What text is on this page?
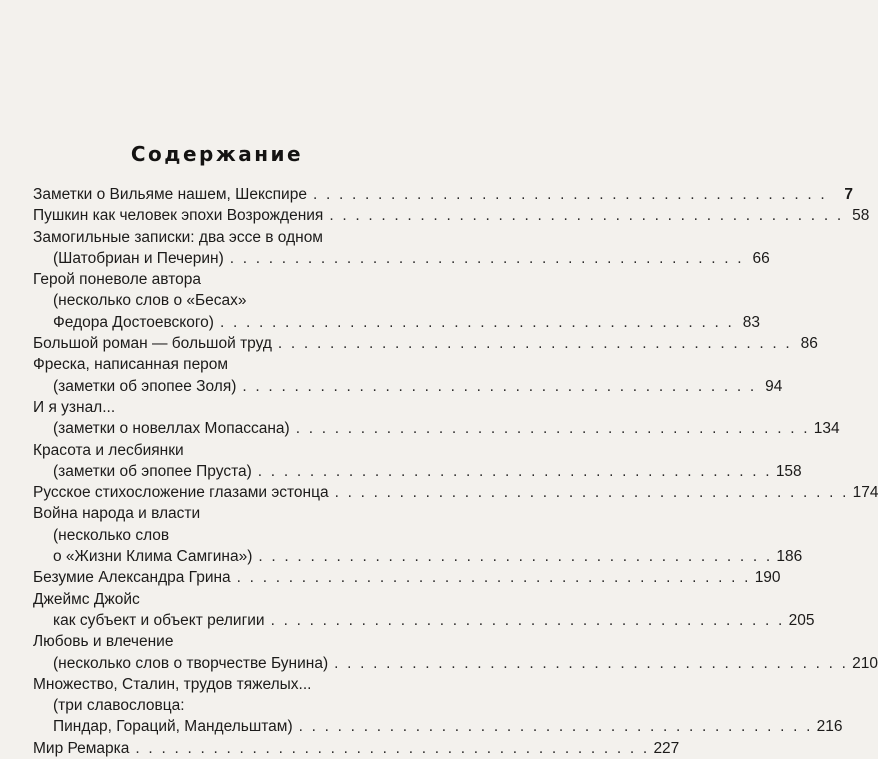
Содержание
Заметки о Вильяме нашем, Шекспире . . . . . . . . . . . . . . . . . . . . . . . . . . . . . . . . . . . . . . . .	7
Пушкин как человек эпохи Возрождения . . . . . . . . . . . . . . . . . . . . . . . . . . . . . . . . . . . . . . . . 58
Замогильные записки: два эссе в одном
(Шатобриан и Печерин) . . . . . . . . . . . . . . . . . . . . . . . . . . . . . . . . . . . . . . . . 66
Герой поневоле автора
(несколько слов о «Бесах»
Федора Достоевского) . . . . . . . . . . . . . . . . . . . . . . . . . . . . . . . . . . . . . . . . 83
Большой роман — большой труд . . . . . . . . . . . . . . . . . . . . . . . . . . . . . . . . . . . . . . . . 86
Фреска, написанная пером
(заметки об эпопее Золя) . . . . . . . . . . . . . . . . . . . . . . . . . . . . . . . . . . . . . . . . 94
И я узнал...
(заметки о новеллах Мопассана) . . . . . . . . . . . . . . . . . . . . . . . . . . . . . . . . . . . . . . . . 134
Красота и лесбиянки
(заметки об эпопее Пруста) . . . . . . . . . . . . . . . . . . . . . . . . . . . . . . . . . . . . . . . . 158
Русское стихосложение глазами эстонца . . . . . . . . . . . . . . . . . . . . . . . . . . . . . . . . . . . . . . . . 174
Война народа и власти
(несколько слов
о «Жизни Клима Самгина») . . . . . . . . . . . . . . . . . . . . . . . . . . . . . . . . . . . . . . . . 186
Безумие Александра Грина . . . . . . . . . . . . . . . . . . . . . . . . . . . . . . . . . . . . . . . . 190
Джеймс Джойс
как субъект и объект религии . . . . . . . . . . . . . . . . . . . . . . . . . . . . . . . . . . . . . . . . 205
Любовь и влечение
(несколько слов о творчестве Бунина) . . . . . . . . . . . . . . . . . . . . . . . . . . . . . . . . . . . . . . . . 210
Множество, Сталин, трудов тяжелых...
(три славословца:
Пиндар, Гораций, Мандельштам) . . . . . . . . . . . . . . . . . . . . . . . . . . . . . . . . . . . . . . . . 216
Мир Ремарка . . . . . . . . . . . . . . . . . . . . . . . . . . . . . . . . . . . . . . . . 227
